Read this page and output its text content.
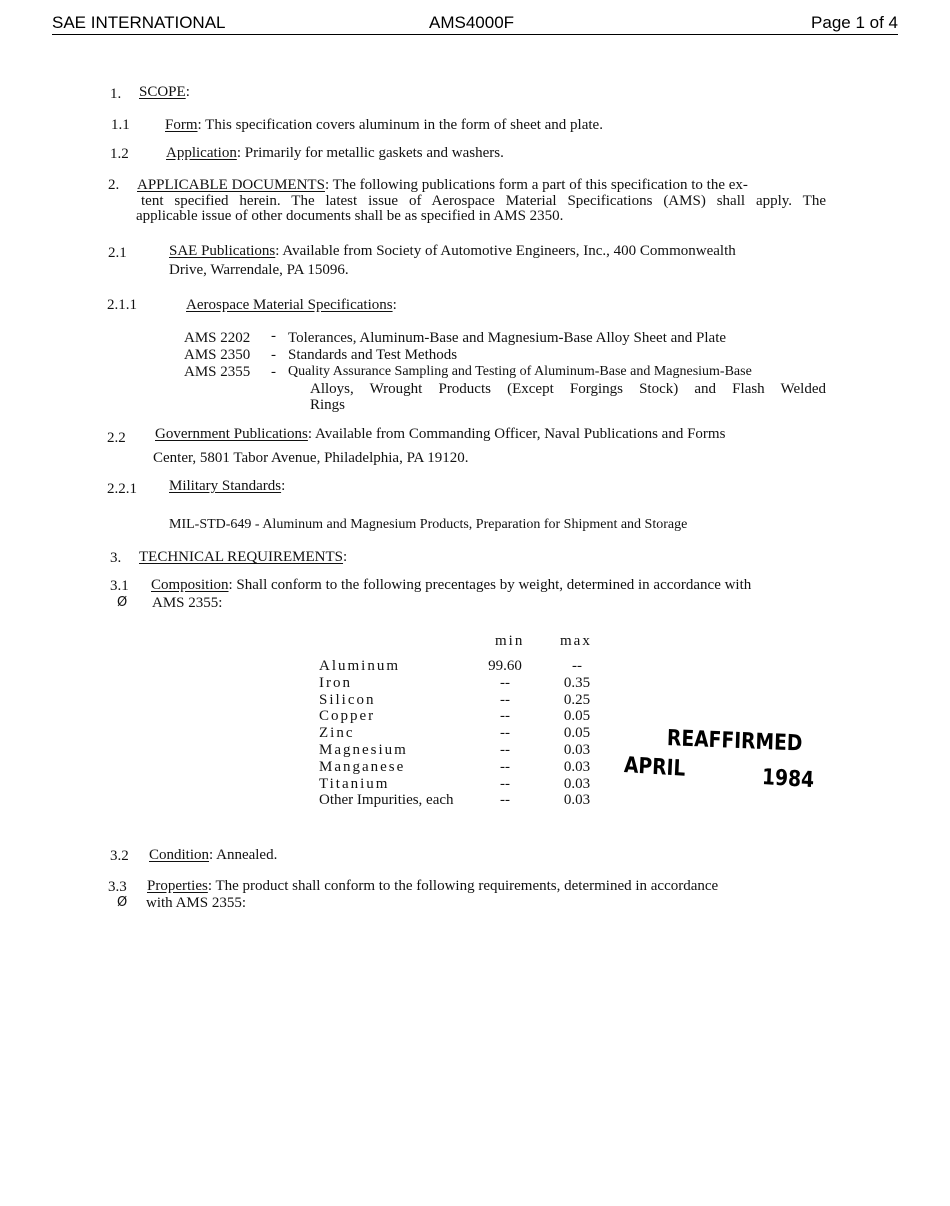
SAE INTERNATIONAL	AMS4000F	Page 1 of 4
1. SCOPE:
1.1 Form: This specification covers aluminum in the form of sheet and plate.
1.2 Application: Primarily for metallic gaskets and washers.
2. APPLICABLE DOCUMENTS: The following publications form a part of this specification to the ex-
tent specified herein. The latest issue of Aerospace Material Specifications (AMS) shall apply. The
applicable issue of other documents shall be as specified in AMS 2350.
2.1	SAE Publications: Available from Society of Automotive Engineers, Inc., 400 Commonwealth
Drive, Warrendale, PA 15096.
2.1.1	Aerospace Material Specifications:
AMS 2202 - Tolerances, Aluminum-Base and Magnesium-Base Alloy Sheet and Plate
AMS 2350 - Standards and Test Methods
AMS 2355 - Quality Assurance Sampling and Testing of Aluminum-Base and Magnesium-Base
Alloys, Wrought Products (Except Forgings Stock) and Flash Welded
Rings
2.2 Government Publications: Available from Commanding Officer, Naval Publications and Forms
Center, 5801 Tabor Avenue, Philadelphia, PA 19120.
2.2.1 Military Standards:
MIL-STD-649 - Aluminum and Magnesium Products, Preparation for Shipment and Storage
3. TECHNICAL REQUIREMENTS:
3.1
Ø
Composition: Shall conform to the following precentages by weight, determined in accordance with
AMS 2355:
min max
Aluminum	99.60	--
Iron	--	0.35
Silicon	--	0.25
Copper	--	0.05
Zinc	--	0.05
Magnesium	--	0.03
Manganese	--	0.03
Titanium	--	0.03
Other Impurities, each	--	0.03
REAFFIRMED
APRIL	1984
3.2 Condition: Annealed.
3.3
Ø
Properties: The product shall conform to the following requirements, determined in accordance
with AMS 2355:
